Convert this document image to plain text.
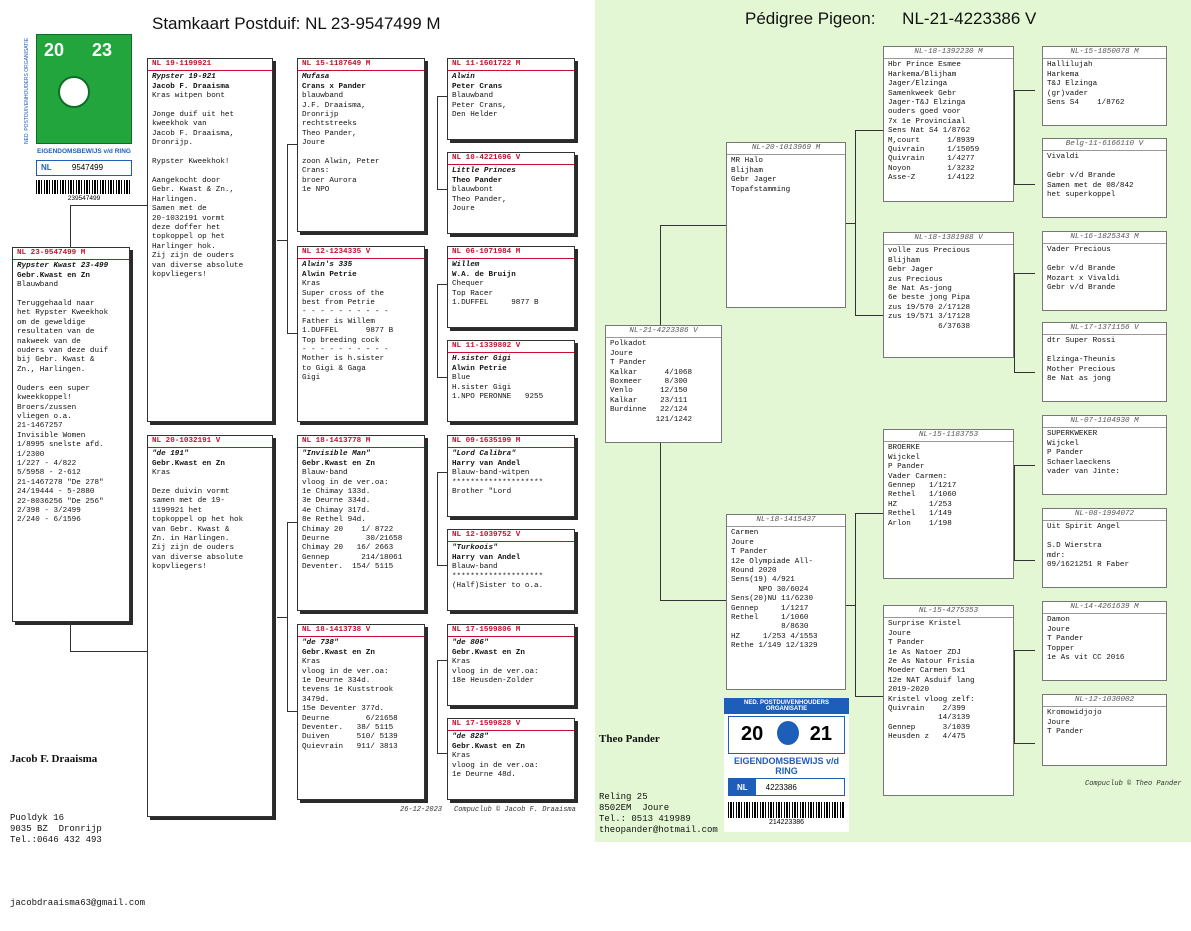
Stamkaart Postduif: NL 23-9547499 M
20 23
EIGENDOMSBEWIJS v/d RING
NL	9547499
239547499
NED. POSTDUIVENHOUDERS ORGANISATIE
NL 23-9547499 M
Rypster Kwast 23-499
Gebr.Kwast en Zn
Blauwband

Teruggehaald naar
het Rypster Kweekhok
om de geweldige
resultaten van de
nakweek van de
ouders van deze duif
bij Gebr. Kwast &
Zn., Harlingen.

Ouders een super
kweekkoppel!
Broers/zussen
vliegen o.a.
21-1467257
Invisible Women
1/8995 snelste afd.
1/2300
1/227 - 4/822
5/5958 - 2-612
21-1467278 "De 278"
24/19444 - 5-2880
22-8036256 "De 256"
2/398 - 3/2499
2/240 - 6/1596
NL 19-1199921
Rypster 19-921
Jacob F. Draaisma
Kras witpen bont

Jonge duif uit het
kweekhok van
Jacob F. Draaisma,
Dronrijp.

Rypster Kweekhok!

Aangekocht door
Gebr. Kwast & Zn.,
Harlingen.
Samen met de
20-1032191 vormt
deze doffer het
topkoppel op het
Harlinger hok.
Zij zijn de ouders
van diverse absolute
kopvliegers!
NL 20-1032191 V
"de 191"
Gebr.Kwast en Zn
Kras

Deze duivin vormt
samen met de 19-
1199921 het
topkoppel op het hok
van Gebr. Kwast &
Zn. in Harlingen.
Zij zijn de ouders
van diverse absolute
kopvliegers!
NL 15-1187649 M
Mufasa
Crans x Pander
blauwband
J.F. Draaisma,
Dronrijp
rechtstreeks
Theo Pander,
Joure

zoon Alwin, Peter
Crans:
broer Aurora
1e NPO
NL 12-1234335 V
Alwin's 335
Alwin Petrie
Kras
Super cross of the
best from Petrie
- - - - - - - - - -
Father is Willem
1.DUFFEL      9877 B
Top breeding cock
- - - - - - - - - -
Mother is h.sister
to Gigi & Gaga
Gigi
NL 18-1413778 M
"Invisible Man"
Gebr.Kwast en Zn
Blauw-band
vloog in de ver.oa:
1e Chimay 133d.
3e Deurne 334d.
4e Chimay 317d.
8e Rethel 94d.
Chimay 20    1/ 8722
Deurne        30/21658
Chimay 20   16/ 2663
Gennep       214/18061
Deventer.  154/ 5115
NL 18-1413738 V
"de 738"
Gebr.Kwast en Zn
Kras
vloog in de ver.oa:
1e Deurne 334d.
tevens 1e Kuststrook
3479d.
15e Deventer 377d.
Deurne        6/21658
Deventer.   38/ 5115
Duiven      510/ 5139
Quievrain   911/ 3813
NL 11-1601722 M
Alwin
Peter Crans
Blauwband
Peter Crans,
Den Helder
NL 10-4221696 V
Little Princes
Theo Pander
blauwbont
Theo Pander,
Joure
NL 06-1071984 M
Willem
W.A. de Bruijn
Chequer
Top Racer
1.DUFFEL     9877 B
NL 11-1339802 V
H.sister Gigi
Alwin Petrie
Blue
H.sister Gigi
1.NPO PERONNE   9255
NL 09-1635199 M
"Lord Calibra"
Harry van Andel
Blauw-band-witpen
********************
Brother "Lord
NL 12-1039752 V
"Turkoois"
Harry van Andel
Blauw-band
********************
(Half)Sister to o.a.
NL 17-1599806 M
"de 806"
Gebr.Kwast en Zn
Kras
vloog in de ver.oa:
18e Heusden-Zolder
NL 17-1599828 V
"de 828"
Gebr.Kwast en Zn
Kras
vloog in de ver.oa:
1e Deurne 48d.

Jacob F. Draaisma

Puoldyk 16
9035 BZ  Dronrijp
Tel.:0646 432 493

jacobdraaisma63@gmail.com

26-12-2023 Compuclub © Jacob F. Draaisma
Pédigree Pigeon: NL-21-4223386 V
NL-21-4223386 V
Polkadot
Joure
T Pander
Kalkar      4/1068
Boxmeer     8/300
Venlo      12/150
Kalkar     23/111
Burdinne   22/124
121/1242
NL-20-1013969 M
MR Halo
Blijham
Gebr Jager
Topafstamming
NL-18-1415437
Carmen
Joure
T Pander
12e Olympiade All-
Round 2020
Sens(19) 4/921
NPO 30/6024
Sens(20)NU 11/6230
Gennep     1/1217
Rethel     1/1060
8/8630
HZ     1/253 4/1553
Rethe 1/149 12/1329
NL-18-1392230 M
Hbr Prince Esmee
Harkema/Blijham
Jager/Elzinga
Samenkweek Gebr
Jager-T&J Elzinga
ouders goed voor
7x 1e Provinciaal
Sens Nat S4 1/8762
M,court      1/8939
Quivrain     1/15059
Quivrain     1/4277
Noyon        1/3232
Asse-Z       1/4122
NL-18-1381988 V
volle zus Precious
Blijham
Gebr Jager
zus Precious
8e Nat As-jong
6e beste jong Pipa
zus 19/570 2/17128
zus 19/571 3/17128
6/37638
NL-15-1183753
BROERKE
Wijckel
P Pander
Vader Carmen:
Gennep   1/1217
Rethel   1/1060
HZ       1/253
Rethel   1/149
Arlon    1/198
NL-15-4275353
Surprise Kristel
Joure
T Pander
1e As Natoer ZDJ
2e As Natour Frisia
Moeder Carmen 5x1
12e NAT Asduif lang
2019-2020
Kristel vloog zelf:
Quivrain    2/399
14/3139
Gennep      3/1039
Heusden z   4/475
NL-15-1850078 M
Hallilujah
Harkema
T&J Elzinga
(gr)vader
Sens S4    1/8762
Belg-11-6166110 V
Vivaldi

Gebr v/d Brande
Samen met de 08/842
het superkoppel
NL-16-1825343 M
Vader Precious

Gebr v/d Brande
Mozart x Vivaldi
Gebr v/d Brande
NL-17-1371156 V
dtr Super Rossi

Elzinga-Theunis
Mother Precious
8e Nat as jong
NL-07-1104930 M
SUPERKWEKER
Wijckel
P Pander
Schaerlaeckens
vader van Jinte:
NL-08-1994072
Uit Spirit Angel

S.D Wierstra
mdr:
09/1621251 R Faber
NL-14-4261639 M
Damon
Joure
T Pander
Topper
1e As vit CC 2016
NL-12-1030002
Kromowidjojo
Joure
T Pander

Theo Pander

Reling 25
8502EM  Joure
Tel.: 0513 419989
theopander@hotmail.com

NED. POSTDUIVENHOUDERS ORGANISATIE
20 21
EIGENDOMSBEWIJS v/d RING
NL	4223386
214223386
Compuclub © Theo Pander
